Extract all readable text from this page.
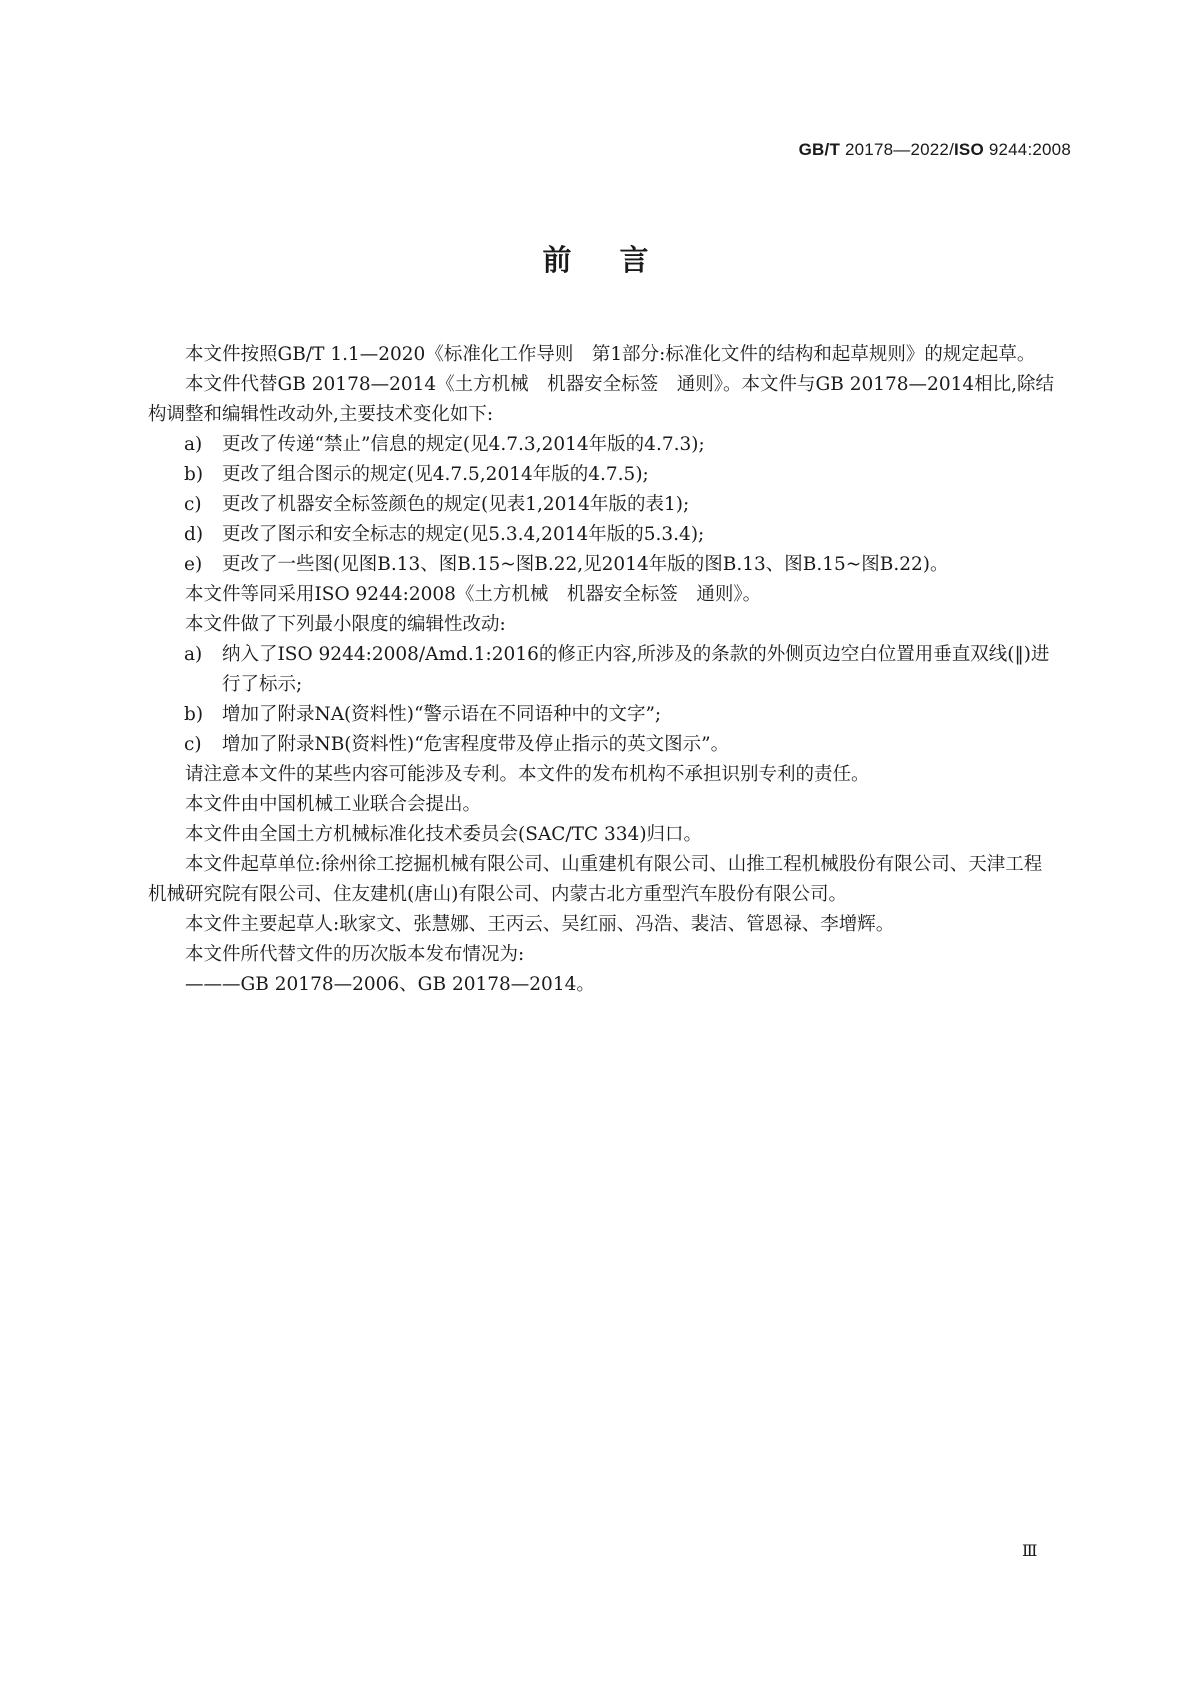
GB/T 20178—2022/ISO 9244:2008
前言

本文件按照GB/T 1.1—2020《标准化工作导则　第1部分:标准化文件的结构和起草规则》的规定起草。

本文件代替GB 20178—2014《土方机械　机器安全标签　通则》。本文件与GB 20178—2014相比,除结构调整和编辑性改动外,主要技术变化如下:

a) 更改了传递“禁止”信息的规定(见4.7.3,2014年版的4.7.3);

b) 更改了组合图示的规定(见4.7.5,2014年版的4.7.5);

c) 更改了机器安全标签颜色的规定(见表1,2014年版的表1);

d) 更改了图示和安全标志的规定(见5.3.4,2014年版的5.3.4);

e) 更改了一些图(见图B.13、图B.15~图B.22,见2014年版的图B.13、图B.15~图B.22)。

本文件等同采用ISO 9244:2008《土方机械　机器安全标签　通则》。

本文件做了下列最小限度的编辑性改动:

a) 纳入了ISO 9244:2008/Amd.1:2016的修正内容,所涉及的条款的外侧页边空白位置用垂直双线(‖)进行了标示;

b) 增加了附录NA(资料性)“警示语在不同语种中的文字”;

c) 增加了附录NB(资料性)“危害程度带及停止指示的英文图示”。

请注意本文件的某些内容可能涉及专利。本文件的发布机构不承担识别专利的责任。

本文件由中国机械工业联合会提出。

本文件由全国土方机械标准化技术委员会(SAC/TC 334)归口。

本文件起草单位:徐州徐工挖掘机械有限公司、山重建机有限公司、山推工程机械股份有限公司、天津工程机械研究院有限公司、住友建机(唐山)有限公司、内蒙古北方重型汽车股份有限公司。

本文件主要起草人:耿家文、张慧娜、王丙云、吴红丽、冯浩、裴洁、管恩禄、李增辉。

本文件所代替文件的历次版本发布情况为:

———GB 20178—2006、GB 20178—2014。

Ⅲ
